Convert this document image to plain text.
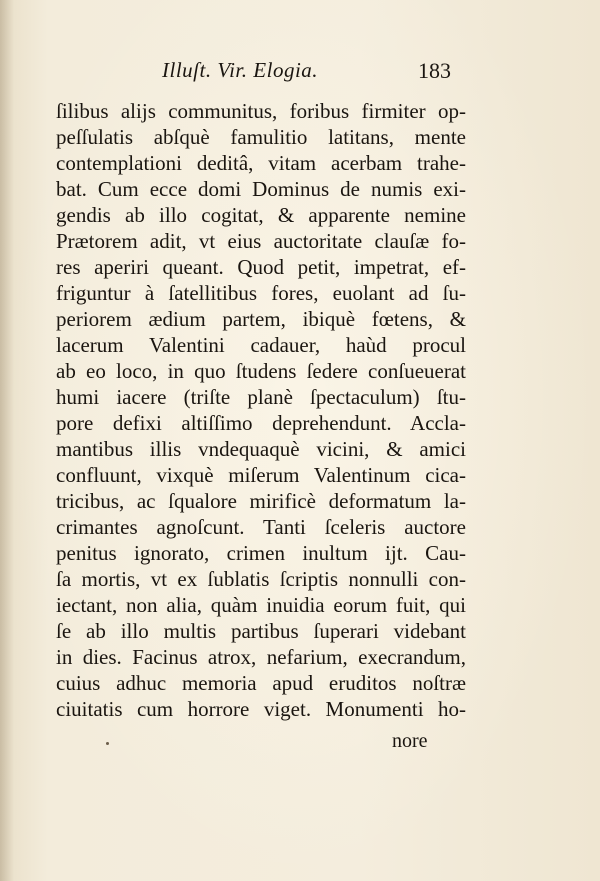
Illuſt. Vir. Elogia.	183
ſilibus alijs communitus, foribus firmiter op-
peſſulatis abſquè famulitio latitans, mente
contemplationi deditâ, vitam acerbam trahe-
bat. Cum ecce domi Dominus de numis exi-
gendis ab illo cogitat, & apparente nemine
Prætorem adit, vt eius auctoritate clauſæ fo-
res aperiri queant. Quod petit, impetrat, ef-
friguntur à ſatellitibus fores, euolant ad ſu-
periorem ædium partem, ibiquè fœtens, &
lacerum Valentini cadauer, haùd procul
ab eo loco, in quo ſtudens ſedere conſueuerat
humi iacere (triſte planè ſpectaculum) ſtu-
pore defixi altiſſimo deprehendunt. Accla-
mantibus illis vndequaquè vicini, & amici
confluunt, vixquè miſerum Valentinum cica-
tricibus, ac ſqualore mirificè deformatum la-
crimantes agnoſcunt. Tanti ſceleris auctore
penitus ignorato, crimen inultum ijt. Cau-
ſa mortis, vt ex ſublatis ſcriptis nonnulli con-
iectant, non alia, quàm inuidia eorum fuit, qui
ſe ab illo multis partibus ſuperari videbant
in dies. Facinus atrox, nefarium, execrandum,
cuius adhuc memoria apud eruditos noſtræ
ciuitatis cum horrore viget. Monumenti ho-
nore
